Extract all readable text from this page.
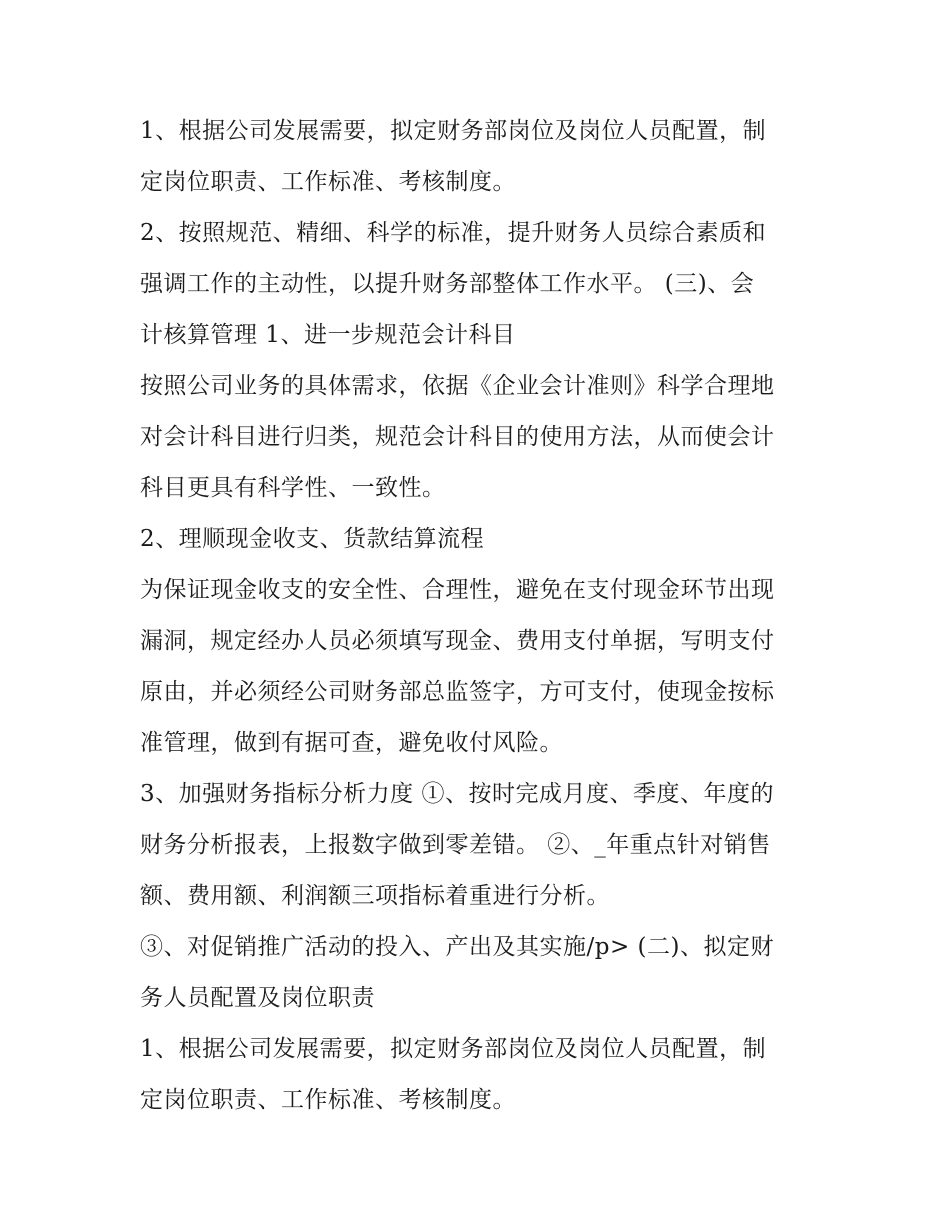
1、根据公司发展需要，拟定财务部岗位及岗位人员配置，制
定岗位职责、工作标准、考核制度。
2、按照规范、精细、科学的标准，提升财务人员综合素质和
强调工作的主动性，以提升财务部整体工作水平。 (三)、会
计核算管理 1、进一步规范会计科目
按照公司业务的具体需求，依据《企业会计准则》科学合理地
对会计科目进行归类，规范会计科目的使用方法，从而使会计
科目更具有科学性、一致性。
2、理顺现金收支、货款结算流程
为保证现金收支的安全性、合理性，避免在支付现金环节出现
漏洞，规定经办人员必须填写现金、费用支付单据，写明支付
原由，并必须经公司财务部总监签字，方可支付，使现金按标
准管理，做到有据可查，避免收付风险。
3、加强财务指标分析力度 ①、按时完成月度、季度、年度的
财务分析报表，上报数字做到零差错。 ②、_年重点针对销售
额、费用额、利润额三项指标着重进行分析。
③、对促销推广活动的投入、产出及其实施/p> (二)、拟定财
务人员配置及岗位职责
1、根据公司发展需要，拟定财务部岗位及岗位人员配置，制
定岗位职责、工作标准、考核制度。
